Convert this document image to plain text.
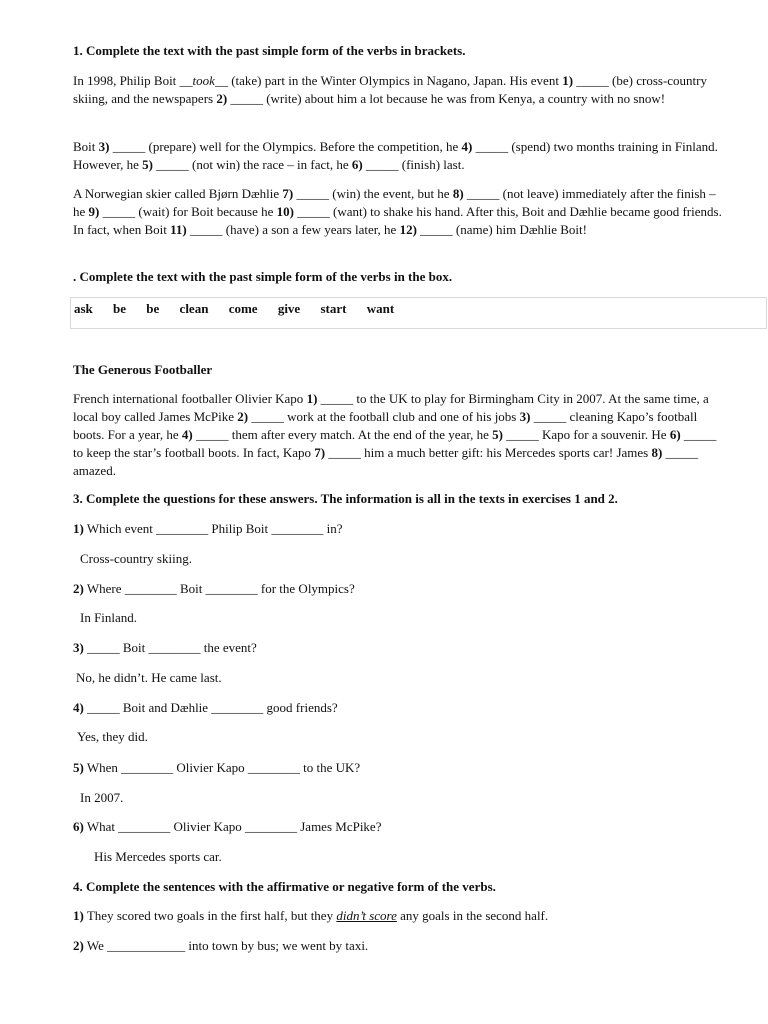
1. Complete the text with the past simple form of the verbs in brackets.

In 1998, Philip Boit __took__ (take) part in the Winter Olympics in Nagano, Japan. His event 1) _____ (be) cross-country skiing, and the newspapers 2) _____ (write) about him a lot because he was from Kenya, a country with no snow!

Boit 3) _____ (prepare) well for the Olympics. Before the competition, he 4) _____ (spend) two months training in Finland. However, he 5) _____ (not win) the race – in fact, he 6) _____ (finish) last.

A Norwegian skier called Bjørn Dæhlie 7) _____ (win) the event, but he 8) _____ (not leave) immediately after the finish – he 9) _____ (wait) for Boit because he 10) _____ (want) to shake his hand. After this, Boit and Dæhlie became good friends. In fact, when Boit 11) _____ (have) a son a few years later, he 12) _____ (name) him Dæhlie Boit!

. Complete the text with the past simple form of the verbs in the box.

ask be be clean come give start want

The Generous Footballer

French international footballer Olivier Kapo 1) _____ to the UK to play for Birmingham City in 2007. At the same time, a local boy called James McPike 2) _____ work at the football club and one of his jobs 3) _____ cleaning Kapo’s football boots. For a year, he 4) _____ them after every match. At the end of the year, he 5) _____ Kapo for a souvenir. He 6) _____ to keep the star’s football boots. In fact, Kapo 7) _____ him a much better gift: his Mercedes sports car! James 8) _____ amazed.

3. Complete the questions for these answers. The information is all in the texts in exercises 1 and 2.

1) Which event ________ Philip Boit ________ in?

Cross-country skiing.

2) Where ________ Boit ________ for the Olympics?

In Finland.

3) _____ Boit ________ the event?

No, he didn’t. He came last.

4) _____ Boit and Dæhlie ________ good friends?

Yes, they did.

5) When ________ Olivier Kapo ________ to the UK?

In 2007.

6) What ________ Olivier Kapo ________ James McPike?

His Mercedes sports car.

4. Complete the sentences with the affirmative or negative form of the verbs.

1) They scored two goals in the first half, but they didn’t score any goals in the second half.

2) We ____________ into town by bus; we went by taxi.
